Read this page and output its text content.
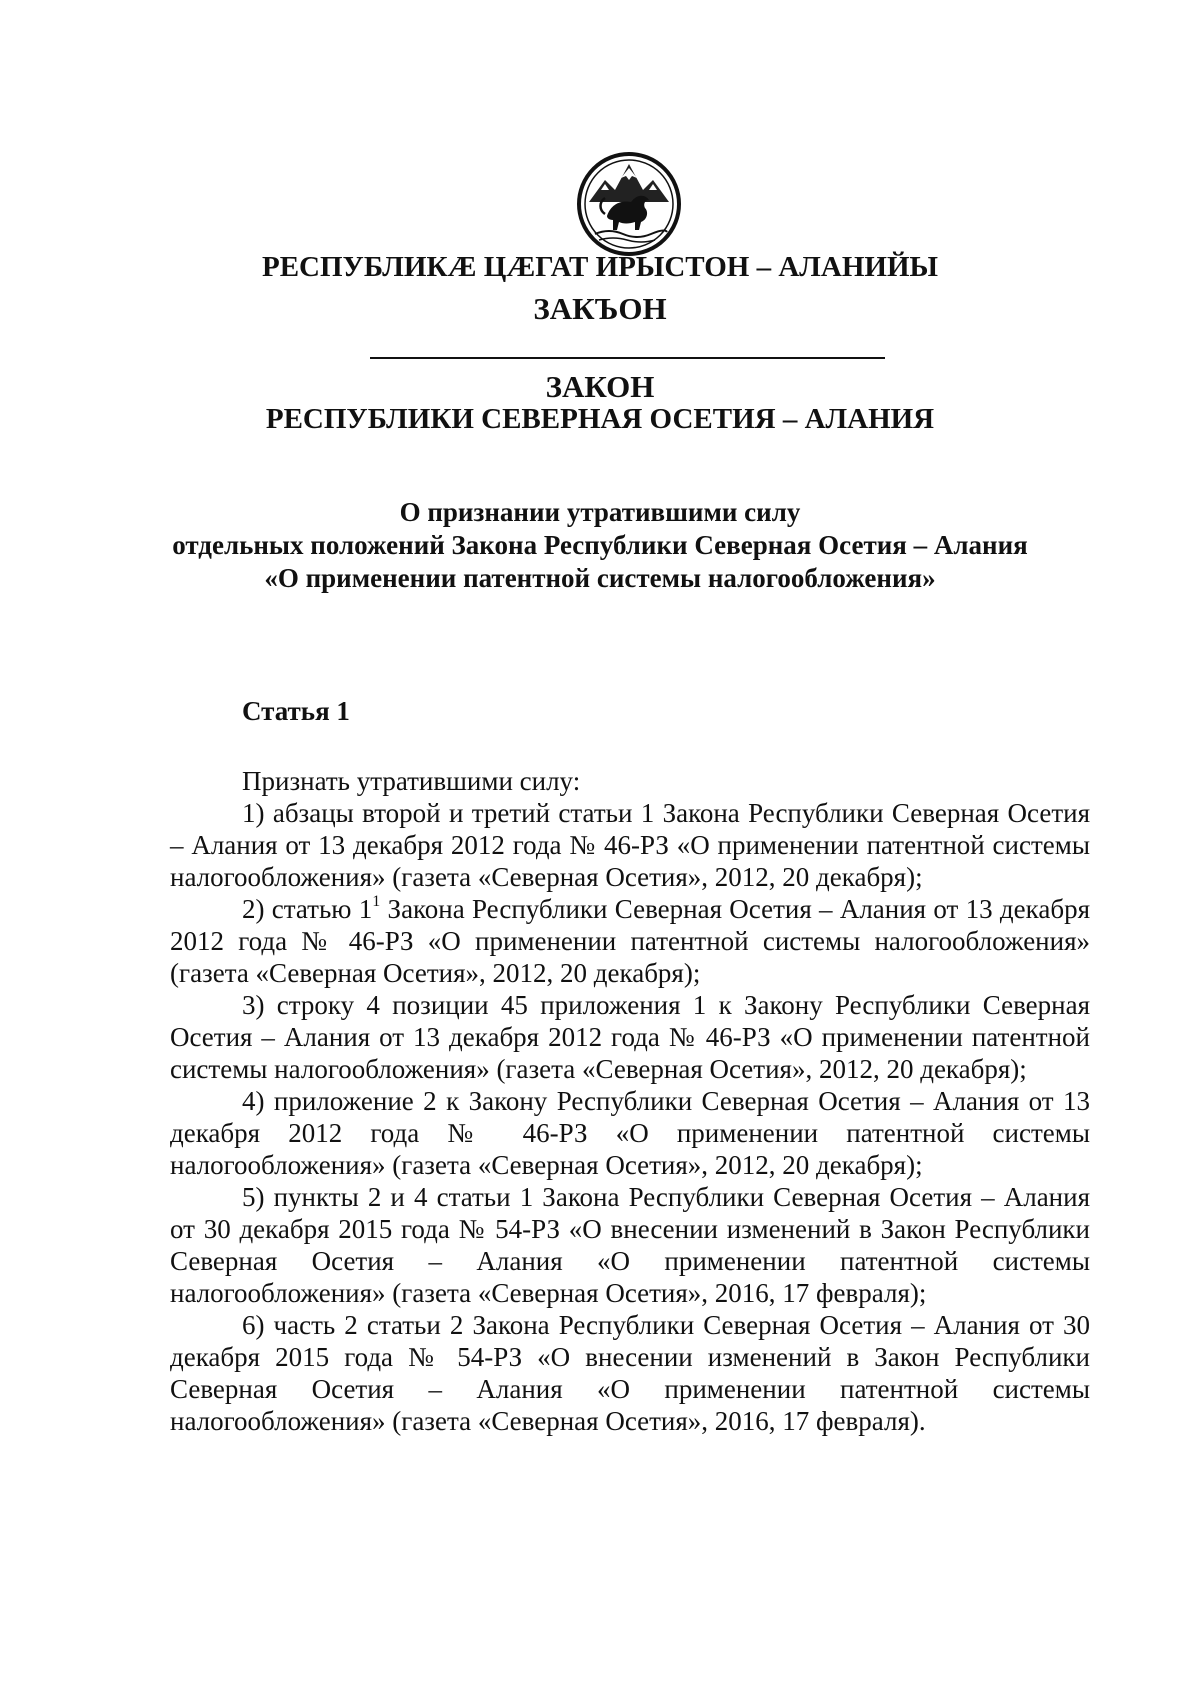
РЕСПУБЛИКӔ ЦӔГАТ ИРЫСТОН – АЛАНИЙЫ
ЗАКЪОН
ЗАКОН
РЕСПУБЛИКИ СЕВЕРНАЯ ОСЕТИЯ – АЛАНИЯ
О признании утратившими силу
отдельных положений Закона Республики Северная Осетия – Алания
«О применении патентной системы налогообложения»
Статья 1
Признать утратившими силу:

1) абзацы второй и третий статьи 1 Закона Республики Северная Осетия – Алания от 13 декабря 2012 года № 46-РЗ «О применении патентной системы налогообложения» (газета «Северная Осетия», 2012, 20 декабря);

2) статью $1^1$ Закона Республики Северная Осетия – Алания от 13 декабря 2012 года № 46-РЗ «О применении патентной системы налогообложения» (газета «Северная Осетия», 2012, 20 декабря);

3) строку 4 позиции 45 приложения 1 к Закону Республики Северная Осетия – Алания от 13 декабря 2012 года № 46-РЗ «О применении патентной системы налогообложения» (газета «Северная Осетия», 2012, 20 декабря);

4) приложение 2 к Закону Республики Северная Осетия – Алания от 13 декабря 2012 года № 46-РЗ «О применении патентной системы налогообложения» (газета «Северная Осетия», 2012, 20 декабря);

5) пункты 2 и 4 статьи 1 Закона Республики Северная Осетия – Алания от 30 декабря 2015 года № 54-РЗ «О внесении изменений в Закон Республики Северная Осетия – Алания «О применении патентной системы налогообложения» (газета «Северная Осетия», 2016, 17 февраля);

6) часть 2 статьи 2 Закона Республики Северная Осетия – Алания от 30 декабря 2015 года № 54-РЗ «О внесении изменений в Закон Республики Северная Осетия – Алания «О применении патентной системы налогообложения» (газета «Северная Осетия», 2016, 17 февраля).
